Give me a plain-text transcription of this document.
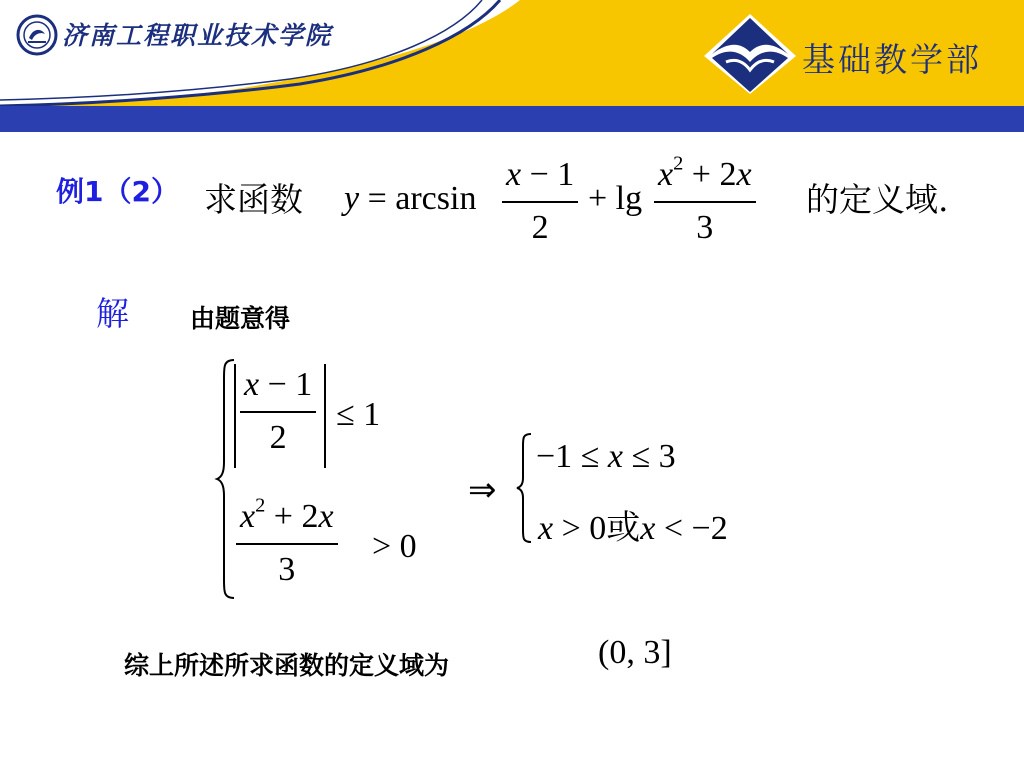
济南工程职业技术学院
基础教学部
例1（2） 求函数 y = arcsin
x − 1
2
+ lg
$x^2 + 2x$
3
的定义域.
解 由题意得
x − 1
2
≤ 1
$x^2 + 2x$
3
> 0
⇒
−1 ≤ x ≤ 3
x > 0或x < −2
综上所述所求函数的定义域为	(0, 3]
